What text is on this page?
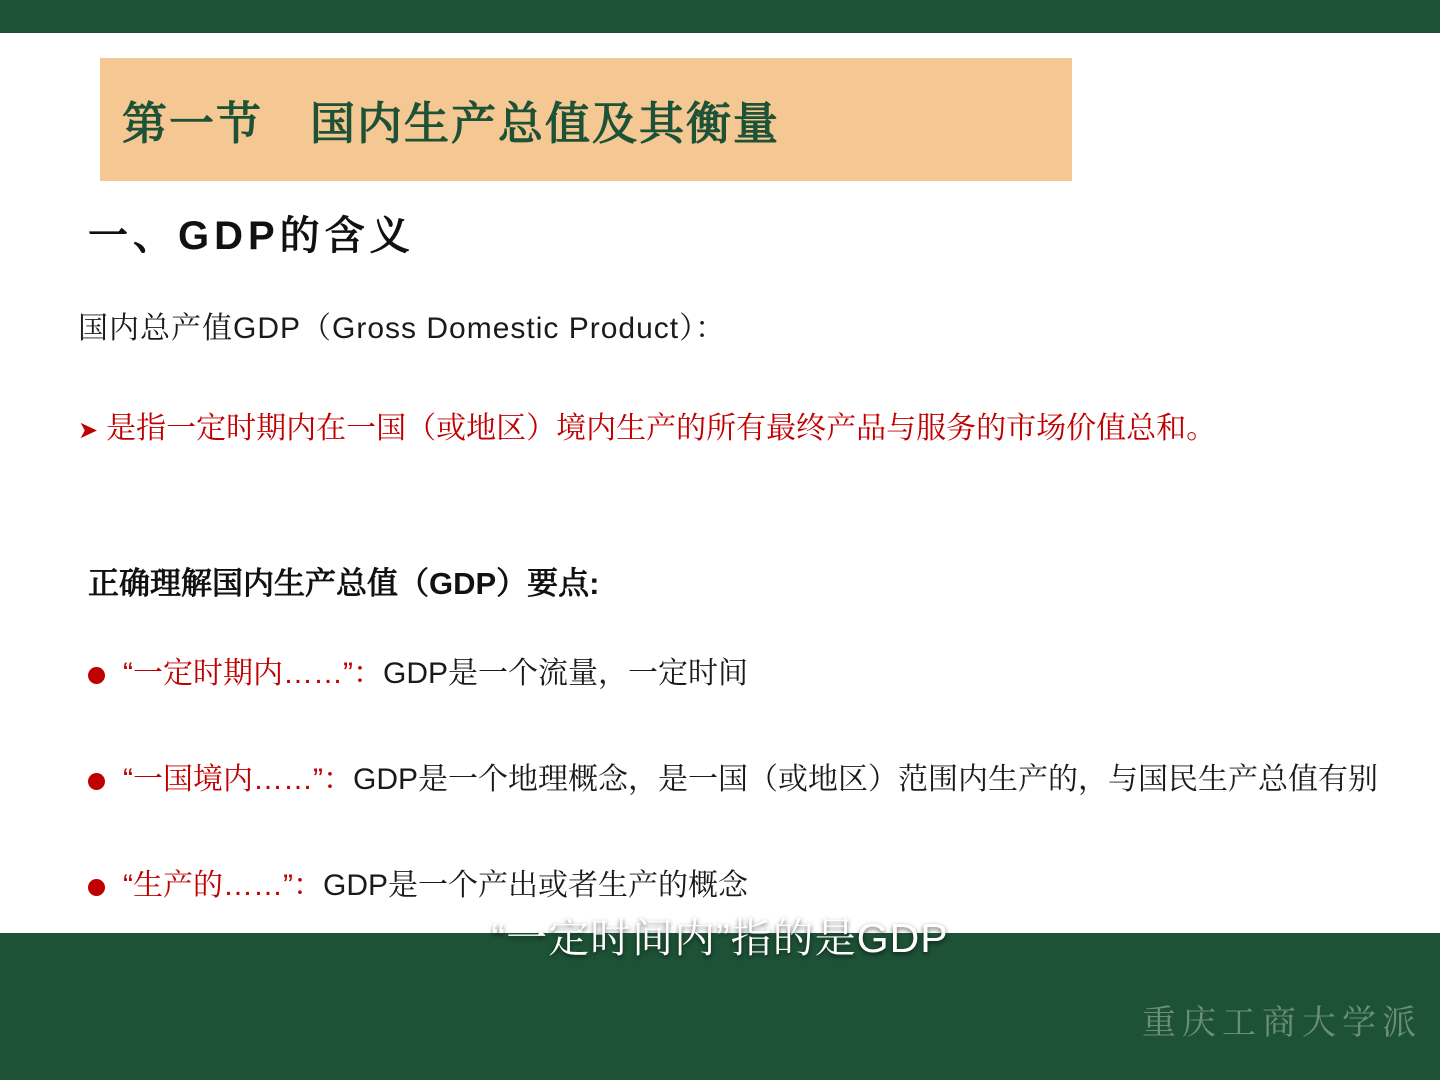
第一节　国内生产总值及其衡量
一、GDP的含义
国内总产值GDP（Gross Domestic Product）：
➤ 是指一定时期内在一国（或地区）境内生产的所有最终产品与服务的市场价值总和。
正确理解国内生产总值（GDP）要点:
“一定时期内……”：GDP是一个流量，一定时间
“一国境内……”：GDP是一个地理概念，是一国（或地区）范围内生产的，与国民生产总值有别
“生产的……”：GDP是一个产出或者生产的概念
“一定时间内”指的是GDP
重庆工商大学派
